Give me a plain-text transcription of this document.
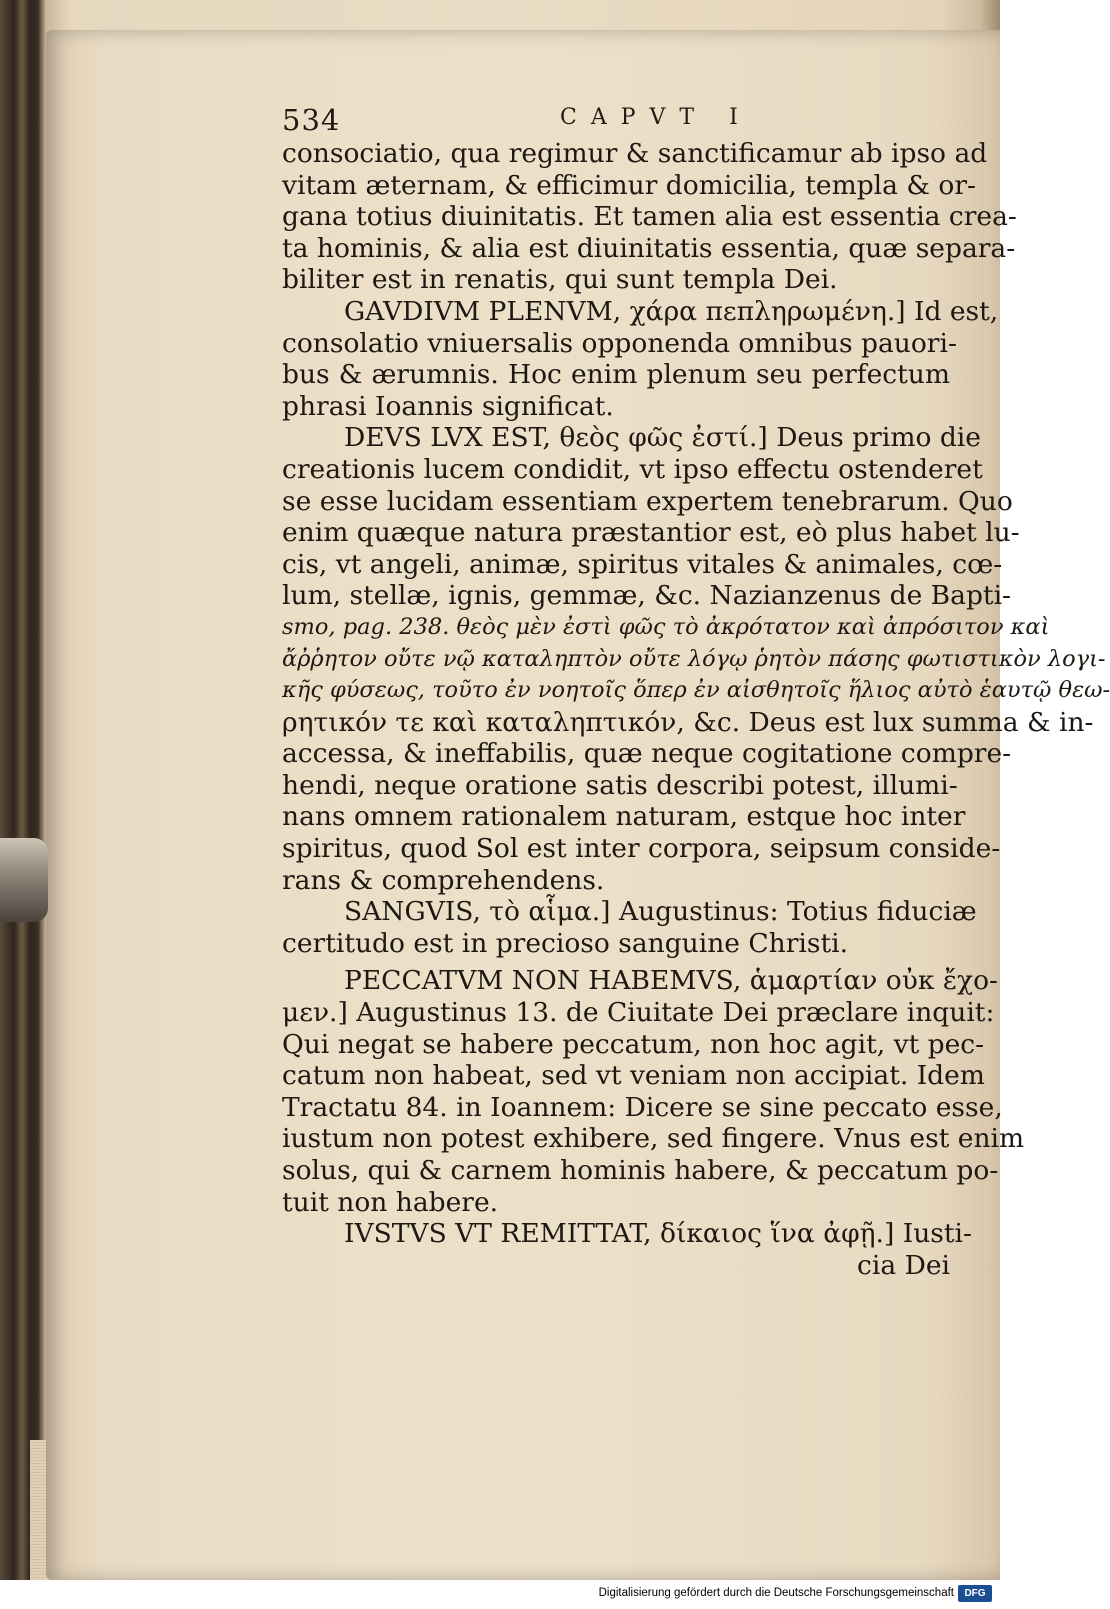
534	CAPVT I
consociatio, qua regimur & sanctificamur ab ipso ad
vitam æternam, & efficimur domicilia, templa & or-
gana totius diuinitatis. Et tamen alia est essentia crea-
ta hominis, & alia est diuinitatis essentia, quæ separa-
biliter est in renatis, qui sunt templa Dei.
GAVDIVM PLENVM, χάρα πεπληρωμένη.] Id est,
consolatio vniuersalis opponenda omnibus pauori-
bus & ærumnis. Hoc enim plenum seu perfectum
phrasi Ioannis significat.
DEVS LVX EST, θεὸς φῶς ἐστί.] Deus primo die
creationis lucem condidit, vt ipso effectu ostenderet
se esse lucidam essentiam expertem tenebrarum. Quo
enim quæque natura præstantior est, eò plus habet lu-
cis, vt angeli, animæ, spiritus vitales & animales, cœ-
lum, stellæ, ignis, gemmæ, &c. Nazianzenus de Bapti-
smo, pag. 238. θεὸς μὲν ἐστὶ φῶς τὸ ἀκρότατον καὶ ἀπρόσιτον καὶ
ἄῤῥητον οὔτε νῷ καταληπτὸν οὔτε λόγῳ ῥητὸν πάσης φωτιστικὸν λογι-
κῆς φύσεως, τοῦτο ἐν νοητοῖς ὅπερ ἐν αἰσθητοῖς ἥλιος αὐτὸ ἑαυτῷ θεω-
ρητικόν τε καὶ καταληπτικόν, &c. Deus est lux summa & in-
accessa, & ineffabilis, quæ neque cogitatione compre-
hendi, neque oratione satis describi potest, illumi-
nans omnem rationalem naturam, estque hoc inter
spiritus, quod Sol est inter corpora, seipsum conside-
rans & comprehendens.
SANGVIS, τὸ αἷμα.] Augustinus: Totius fiduciæ
certitudo est in precioso sanguine Christi.
PECCATVM NON HABEMVS, ἁμαρτίαν οὐκ ἔχο-
μεν.] Augustinus 13. de Ciuitate Dei præclare inquit:
Qui negat se habere peccatum, non hoc agit, vt pec-
catum non habeat, sed vt veniam non accipiat. Idem
Tractatu 84. in Ioannem: Dicere se sine peccato esse,
iustum non potest exhibere, sed fingere. Vnus est enim
solus, qui & carnem hominis habere, & peccatum po-
tuit non habere.
IVSTVS VT REMITTAT, δίκαιος ἵνα ἀφῇ.] Iusti-
cia Dei
Digitalisierung gefördert durch die Deutsche Forschungsgemeinschaft	DFG
